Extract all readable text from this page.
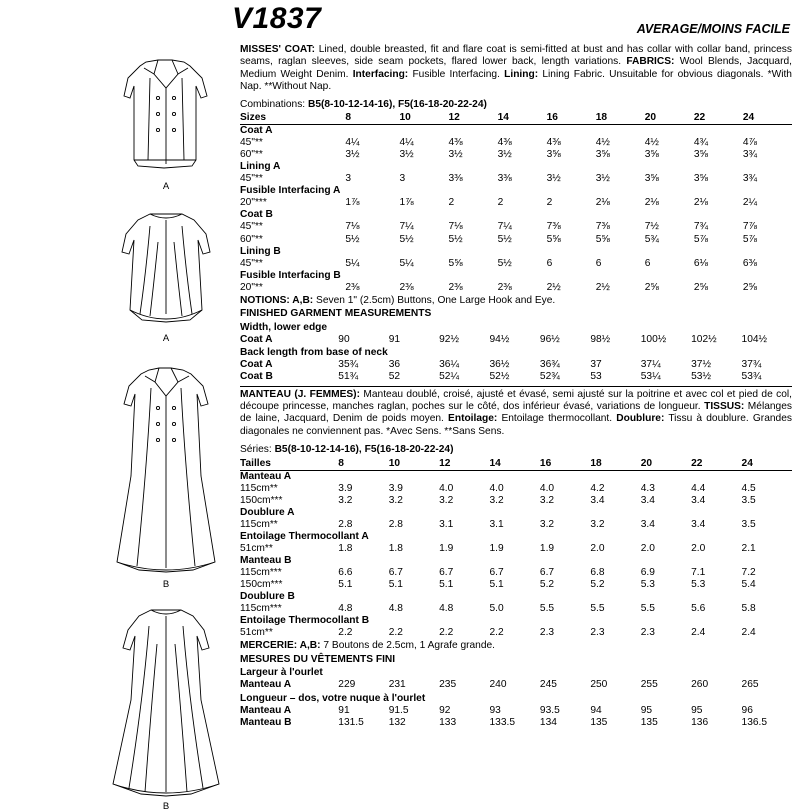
V1837	AVERAGE/MOINS FACILE
A
A
B
B

MISSES' COAT: Lined, double breasted, fit and flare coat is semi-fitted at bust and has collar with collar band, princess seams, raglan sleeves, side seam pockets, flared lower back, length variations. FABRICS: Wool Blends, Jacquard, Medium Weight Denim. Interfacing: Fusible Interfacing. Lining: Lining Fabric. Unsuitable for obvious diagonals. *With Nap. **Without Nap.

Combinations: B5(8-10-12-14-16), F5(16-18-20-22-24)

Sizes	8	10	12	14	16	18	20	22	24
Coat A									
45"**	4¼	4¼	4⅜	4⅜	4⅜	4½	4½	4¾	4⅞
60"**	3½	3½	3½	3½	3⅝	3⅝	3⅝	3⅝	3¾
Lining A									
45"**	3	3	3⅜	3⅜	3½	3½	3⅝	3⅝	3¾
Fusible Interfacing A									
20"***	1⅞	1⅞	2	2	2	2⅛	2⅛	2⅛	2¼
Coat B									
45"**	7⅛	7¼	7⅛	7¼	7⅜	7⅜	7½	7¾	7⅞
60"**	5½	5½	5½	5½	5⅝	5⅝	5¾	5⅞	5⅞
Lining B									
45"**	5¼	5¼	5⅝	5½	6	6	6	6⅛	6⅜
Fusible Interfacing B									
20"**	2⅜	2⅜	2⅜	2⅜	2½	2½	2⅝	2⅝	2⅝

NOTIONS: A,B: Seven 1" (2.5cm) Buttons, One Large Hook and Eye.

FINISHED GARMENT MEASUREMENTS
Width, lower edge
Coat A	90	91	92½	94½	96½	98½	100½	102½	104½
Back length from base of neck
Coat A	35¾	36	36¼	36½	36¾	37	37¼	37½	37¾
Coat B	51¾	52	52¼	52½	52¾	53	53¼	53½	53¾

MANTEAU (J. FEMMES): Manteau doublé, croisé, ajusté et évasé, semi ajusté sur la poitrine et avec col et pied de col, découpe princesse, manches raglan, poches sur le côté, dos inférieur évasé, variations de longueur. TISSUS: Mélanges de laine, Jacquard, Denim de poids moyen. Entoilage: Entoilage thermocollant. Doublure: Tissu à doublure. Grandes diagonales ne conviennent pas. *Avec Sens. **Sans Sens.

Séries: B5(8-10-12-14-16), F5(16-18-20-22-24)

Tailles	8	10	12	14	16	18	20	22	24
Manteau A									
115cm**	3.9	3.9	4.0	4.0	4.0	4.2	4.3	4.4	4.5
150cm***	3.2	3.2	3.2	3.2	3.2	3.4	3.4	3.4	3.5
Doublure A									
115cm**	2.8	2.8	3.1	3.1	3.2	3.2	3.4	3.4	3.5
Entoilage Thermocollant A									
51cm**	1.8	1.8	1.9	1.9	1.9	2.0	2.0	2.0	2.1
Manteau B									
115cm***	6.6	6.7	6.7	6.7	6.7	6.8	6.9	7.1	7.2
150cm***	5.1	5.1	5.1	5.1	5.2	5.2	5.3	5.3	5.4
Doublure B									
115cm***	4.8	4.8	4.8	5.0	5.5	5.5	5.5	5.6	5.8
Entoilage Thermocollant B									
51cm**	2.2	2.2	2.2	2.2	2.3	2.3	2.3	2.4	2.4

MERCERIE: A,B: 7 Boutons de 2.5cm, 1 Agrafe grande.

MESURES DU VÊTEMENTS FINI
Largeur à l'ourlet
Manteau A	229	231	235	240	245	250	255	260	265
Longueur – dos, votre nuque à l'ourlet
Manteau A	91	91.5	92	93	93.5	94	95	95	96
Manteau B	131.5	132	133	133.5	134	135	135	136	136.5
